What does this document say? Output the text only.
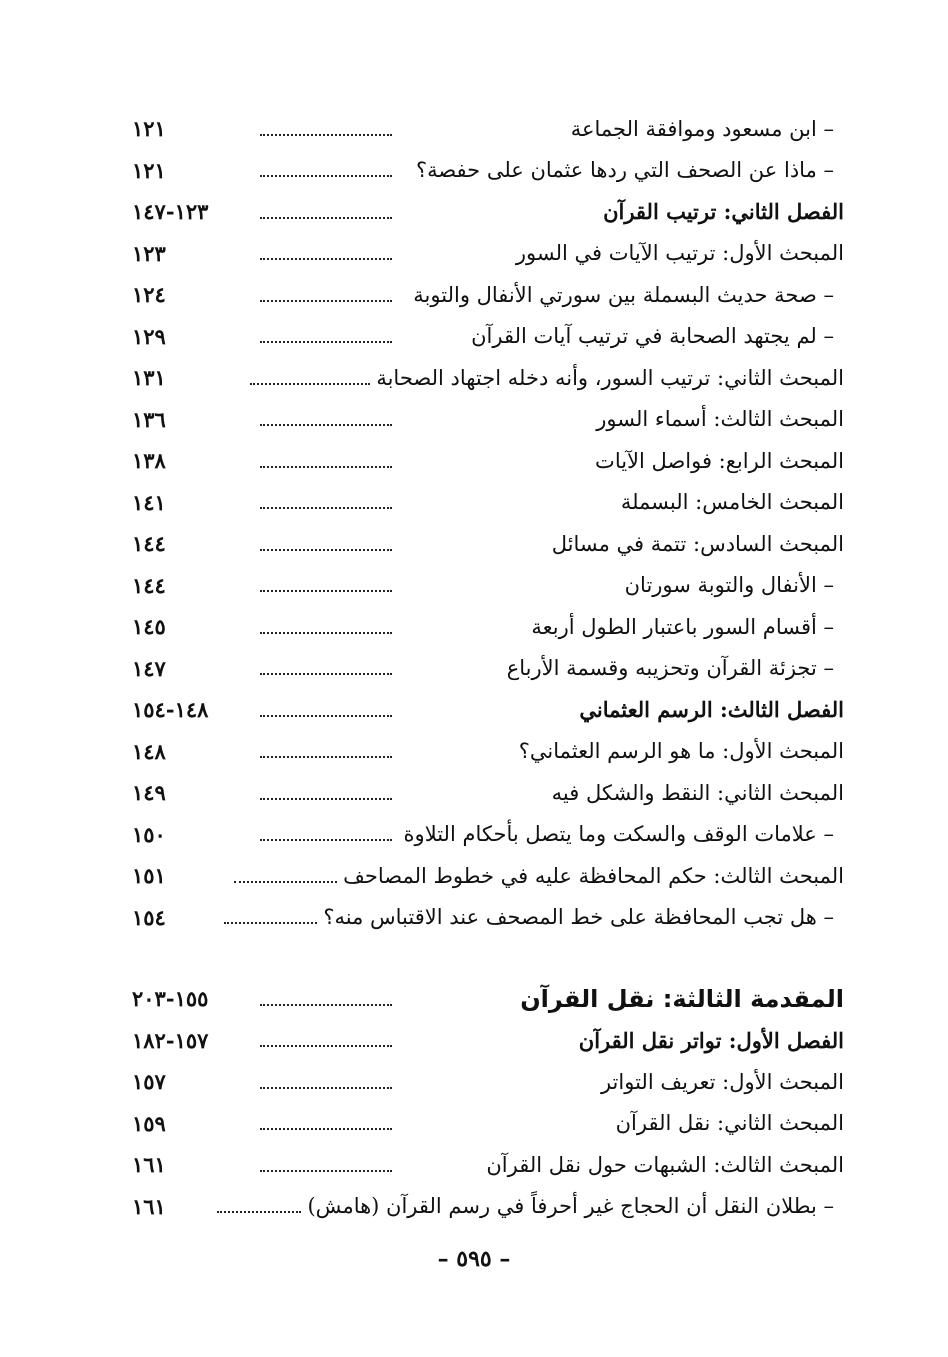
١٢١	– ابن مسعود وموافقة الجماعة
١٢١	– ماذا عن الصحف التي ردها عثمان على حفصة؟
١٢٣-١٤٧	الفصل الثاني: ترتيب القرآن
١٢٣	المبحث الأول: ترتيب الآيات في السور
١٢٤	– صحة حديث البسملة بين سورتي الأنفال والتوبة
١٢٩	– لم يجتهد الصحابة في ترتيب آيات القرآن
١٣١	المبحث الثاني: ترتيب السور، وأنه دخله اجتهاد الصحابة
١٣٦	المبحث الثالث: أسماء السور
١٣٨	المبحث الرابع: فواصل الآيات
١٤١	المبحث الخامس: البسملة
١٤٤	المبحث السادس: تتمة في مسائل
١٤٤	– الأنفال والتوبة سورتان
١٤٥	– أقسام السور باعتبار الطول أربعة
١٤٧	– تجزئة القرآن وتحزيبه وقسمة الأرباع
١٤٨-١٥٤	الفصل الثالث: الرسم العثماني
١٤٨	المبحث الأول: ما هو الرسم العثماني؟
١٤٩	المبحث الثاني: النقط والشكل فيه
١٥٠	– علامات الوقف والسكت وما يتصل بأحكام التلاوة
١٥١	المبحث الثالث: حكم المحافظة عليه في خطوط المصاحف
١٥٤	– هل تجب المحافظة على خط المصحف عند الاقتباس منه؟
١٥٥-٢٠٣	المقدمة الثالثة: نقل القرآن
١٥٧-١٨٢	الفصل الأول: تواتر نقل القرآن
١٥٧	المبحث الأول: تعريف التواتر
١٥٩	المبحث الثاني: نقل القرآن
١٦١	المبحث الثالث: الشبهات حول نقل القرآن
١٦١	– بطلان النقل أن الحجاج غير أحرفاً في رسم القرآن (هامش)
– ٥٩٥ –
